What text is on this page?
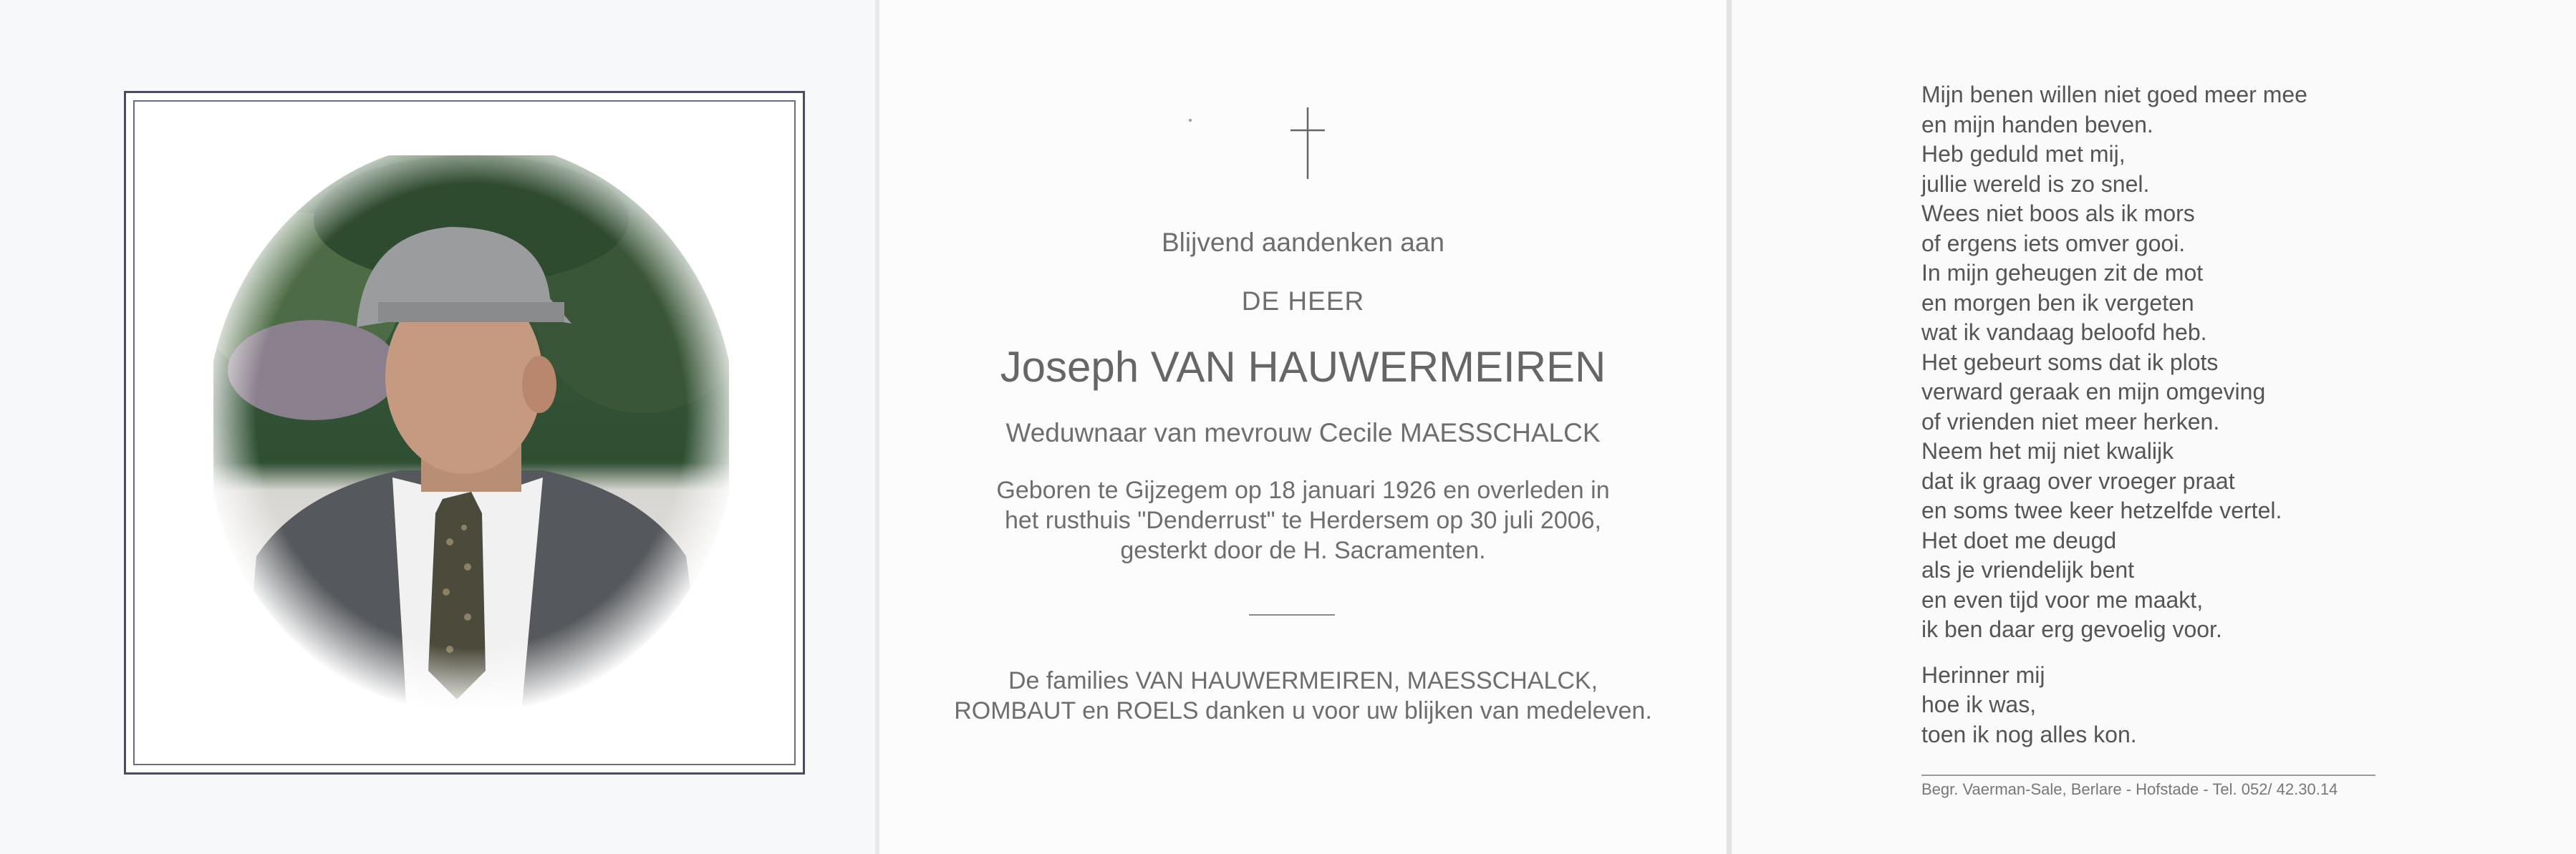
Blijvend aandenken aan
DE HEER
Joseph VAN HAUWERMEIREN
Weduwnaar van mevrouw Cecile MAESSCHALCK
Geboren te Gijzegem op 18 januari 1926 en overleden in
het rusthuis "Denderrust" te Herdersem op 30 juli 2006,
gesterkt door de H. Sacramenten.
De families VAN HAUWERMEIREN, MAESSCHALCK,
ROMBAUT en ROELS danken u voor uw blijken van medeleven.
Mijn benen willen niet goed meer mee
en mijn handen beven.
Heb geduld met mij,
jullie wereld is zo snel.
Wees niet boos als ik mors
of ergens iets omver gooi.
In mijn geheugen zit de mot
en morgen ben ik vergeten
wat ik vandaag beloofd heb.
Het gebeurt soms dat ik plots
verward geraak en mijn omgeving
of vrienden niet meer herken.
Neem het mij niet kwalijk
dat ik graag over vroeger praat
en soms twee keer hetzelfde vertel.
Het doet me deugd
als je vriendelijk bent
en even tijd voor me maakt,
ik ben daar erg gevoelig voor.
Herinner mij
hoe ik was,
toen ik nog alles kon.
Begr. Vaerman-Sale, Berlare - Hofstade - Tel. 052/ 42.30.14
